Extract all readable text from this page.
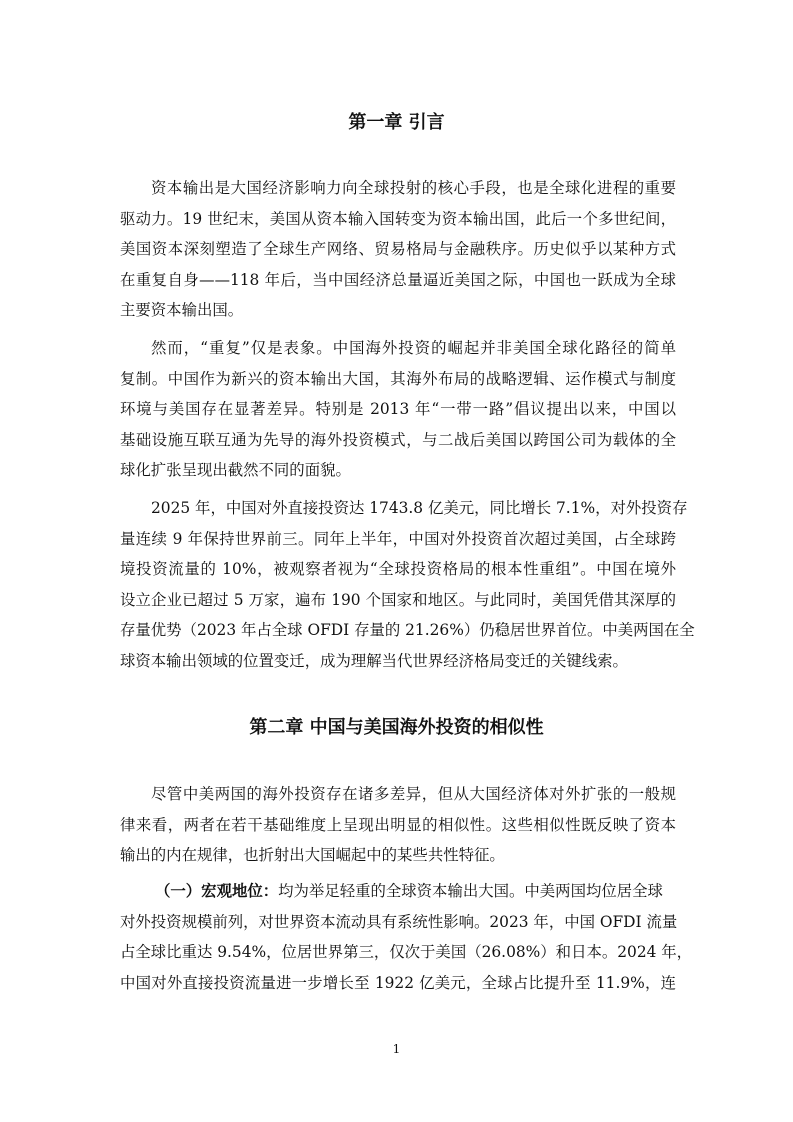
第一章 引言
资本输出是大国经济影响力向全球投射的核心手段，也是全球化进程的重要
驱动力。19 世纪末，美国从资本输入国转变为资本输出国，此后一个多世纪间，
美国资本深刻塑造了全球生产网络、贸易格局与金融秩序。历史似乎以某种方式
在重复自身——118 年后，当中国经济总量逼近美国之际，中国也一跃成为全球
主要资本输出国。
然而，“重复”仅是表象。中国海外投资的崛起并非美国全球化路径的简单
复制。中国作为新兴的资本输出大国，其海外布局的战略逻辑、运作模式与制度
环境与美国存在显著差异。特别是 2013 年“一带一路”倡议提出以来，中国以
基础设施互联互通为先导的海外投资模式，与二战后美国以跨国公司为载体的全
球化扩张呈现出截然不同的面貌。
2025 年，中国对外直接投资达 1743.8 亿美元，同比增长 7.1%，对外投资存
量连续 9 年保持世界前三。同年上半年，中国对外投资首次超过美国，占全球跨
境投资流量的 10%，被观察者视为“全球投资格局的根本性重组”。中国在境外
设立企业已超过 5 万家，遍布 190 个国家和地区。与此同时，美国凭借其深厚的
存量优势（2023 年占全球 OFDI 存量的 21.26%）仍稳居世界首位。中美两国在全
球资本输出领域的位置变迁，成为理解当代世界经济格局变迁的关键线索。
第二章 中国与美国海外投资的相似性
尽管中美两国的海外投资存在诸多差异，但从大国经济体对外扩张的一般规
律来看，两者在若干基础维度上呈现出明显的相似性。这些相似性既反映了资本
输出的内在规律，也折射出大国崛起中的某些共性特征。
（一）宏观地位：均为举足轻重的全球资本输出大国。中美两国均位居全球
对外投资规模前列，对世界资本流动具有系统性影响。2023 年，中国 OFDI 流量
占全球比重达 9.54%，位居世界第三，仅次于美国（26.08%）和日本。2024 年，
中国对外直接投资流量进一步增长至 1922 亿美元，全球占比提升至 11.9%，连
1
